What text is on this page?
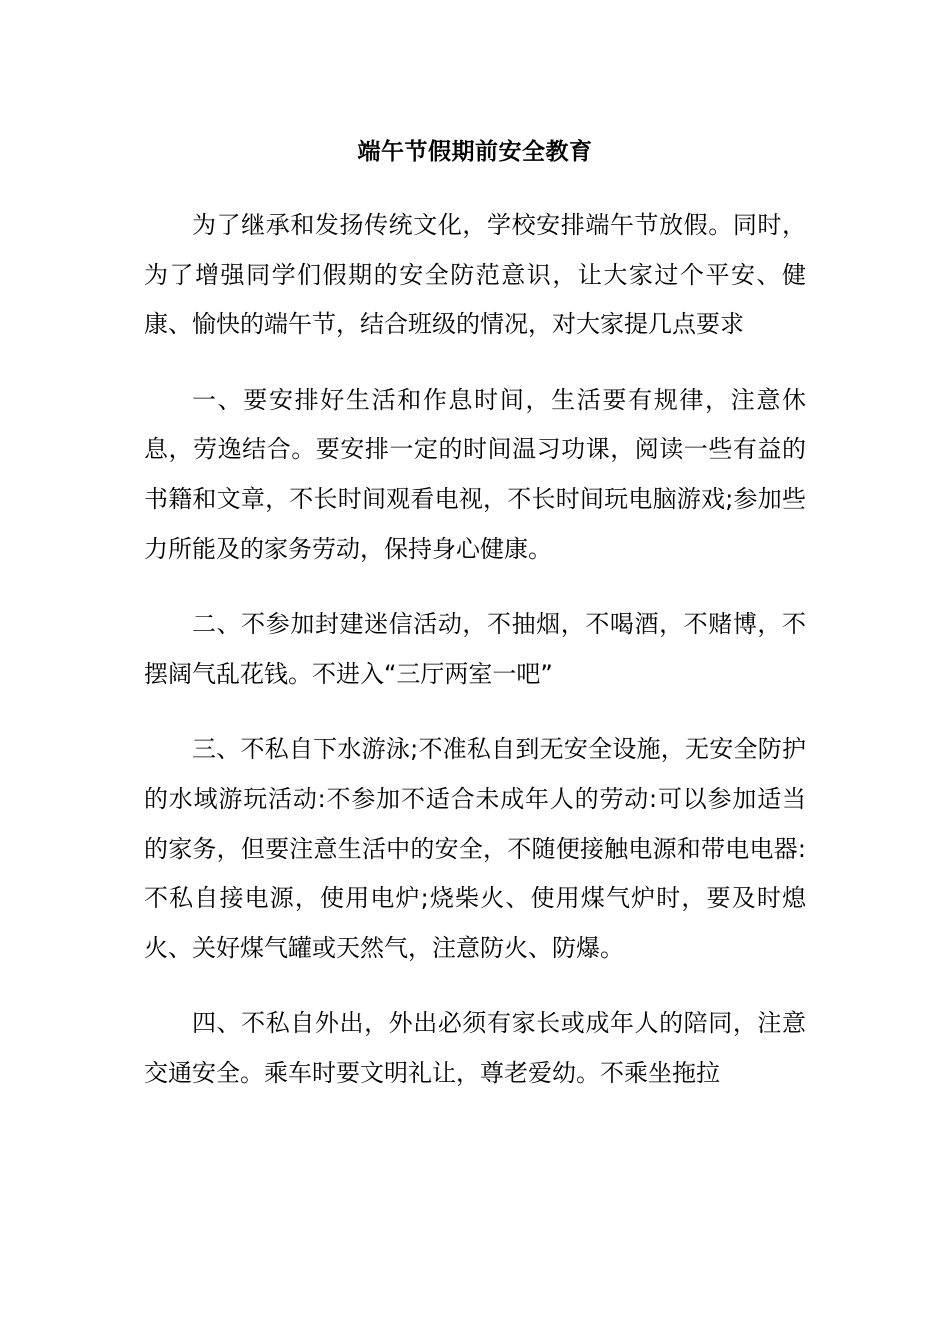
端午节假期前安全教育

为了继承和发扬传统文化，学校安排端午节放假。同时，为了增强同学们假期的安全防范意识，让大家过个平安、健康、愉快的端午节，结合班级的情况，对大家提几点要求

一、要安排好生活和作息时间，生活要有规律，注意休息，劳逸结合。要安排一定的时间温习功课，阅读一些有益的书籍和文章，不长时间观看电视，不长时间玩电脑游戏;参加些力所能及的家务劳动，保持身心健康。

二、不参加封建迷信活动，不抽烟，不喝酒，不赌博，不摆阔气乱花钱。不进入“三厅两室一吧”

三、不私自下水游泳;不准私自到无安全设施，无安全防护的水域游玩活动:不参加不适合未成年人的劳动:可以参加适当的家务，但要注意生活中的安全，不随便接触电源和带电电器:不私自接电源，使用电炉;烧柴火、使用煤气炉时，要及时熄火、关好煤气罐或天然气，注意防火、防爆。

四、不私自外出，外出必须有家长或成年人的陪同，注意交通安全。乘车时要文明礼让，尊老爱幼。不乘坐拖拉
